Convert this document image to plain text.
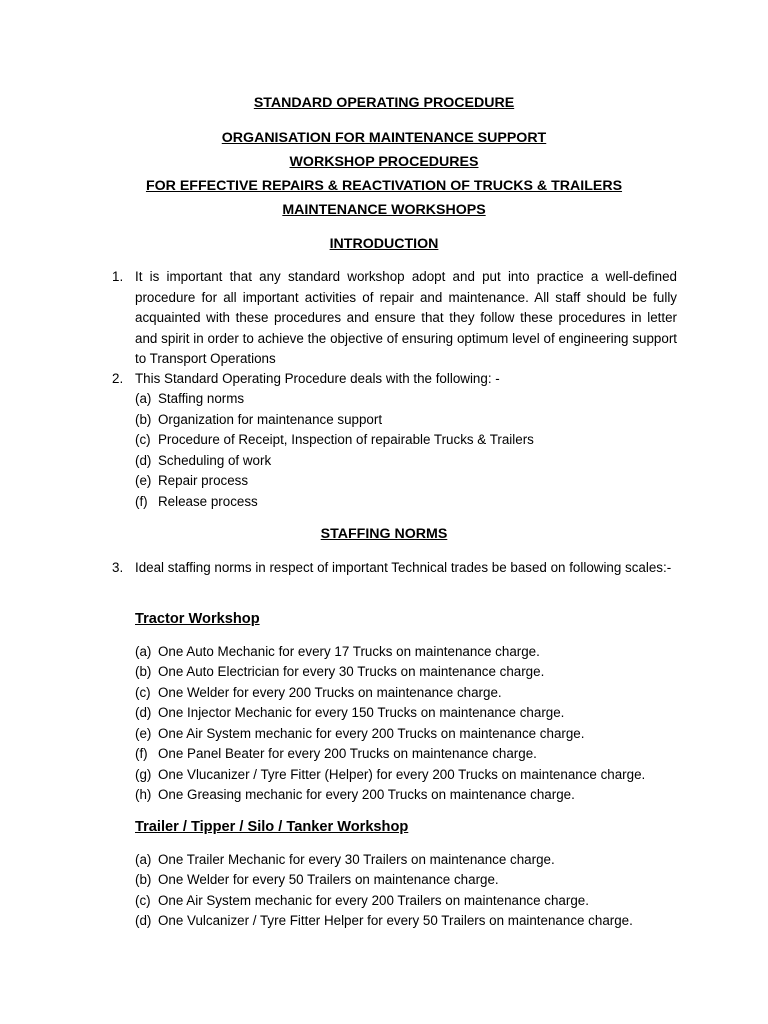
STANDARD OPERATING PROCEDURE
ORGANISATION FOR MAINTENANCE SUPPORT
WORKSHOP PROCEDURES
FOR EFFECTIVE REPAIRS & REACTIVATION OF TRUCKS & TRAILERS
MAINTENANCE WORKSHOPS
INTRODUCTION
1. It is important that any standard workshop adopt and put into practice a well-defined procedure for all important activities of repair and maintenance. All staff should be fully acquainted with these procedures and ensure that they follow these procedures in letter and spirit in order to achieve the objective of ensuring optimum level of engineering support to Transport Operations
2. This Standard Operating Procedure deals with the following: -
(a) Staffing norms
(b) Organization for maintenance support
(c) Procedure of Receipt, Inspection of repairable Trucks & Trailers
(d) Scheduling of work
(e) Repair process
(f) Release process
STAFFING NORMS
3. Ideal staffing norms in respect of important Technical trades be based on following scales:-
Tractor Workshop
(a) One Auto Mechanic for every 17 Trucks on maintenance charge.
(b) One Auto Electrician for every 30 Trucks on maintenance charge.
(c) One Welder for every 200 Trucks on maintenance charge.
(d) One Injector Mechanic for every 150 Trucks on maintenance charge.
(e) One Air System mechanic for every 200 Trucks on maintenance charge.
(f) One Panel Beater for every 200 Trucks on maintenance charge.
(g) One Vlucanizer / Tyre Fitter (Helper) for every 200 Trucks on maintenance charge.
(h) One Greasing mechanic for every 200 Trucks on maintenance charge.
Trailer / Tipper / Silo / Tanker Workshop
(a) One Trailer Mechanic for every 30 Trailers on maintenance charge.
(b) One Welder for every 50 Trailers on maintenance charge.
(c) One Air System mechanic for every 200 Trailers on maintenance charge.
(d) One Vulcanizer / Tyre Fitter Helper for every 50 Trailers on maintenance charge.
